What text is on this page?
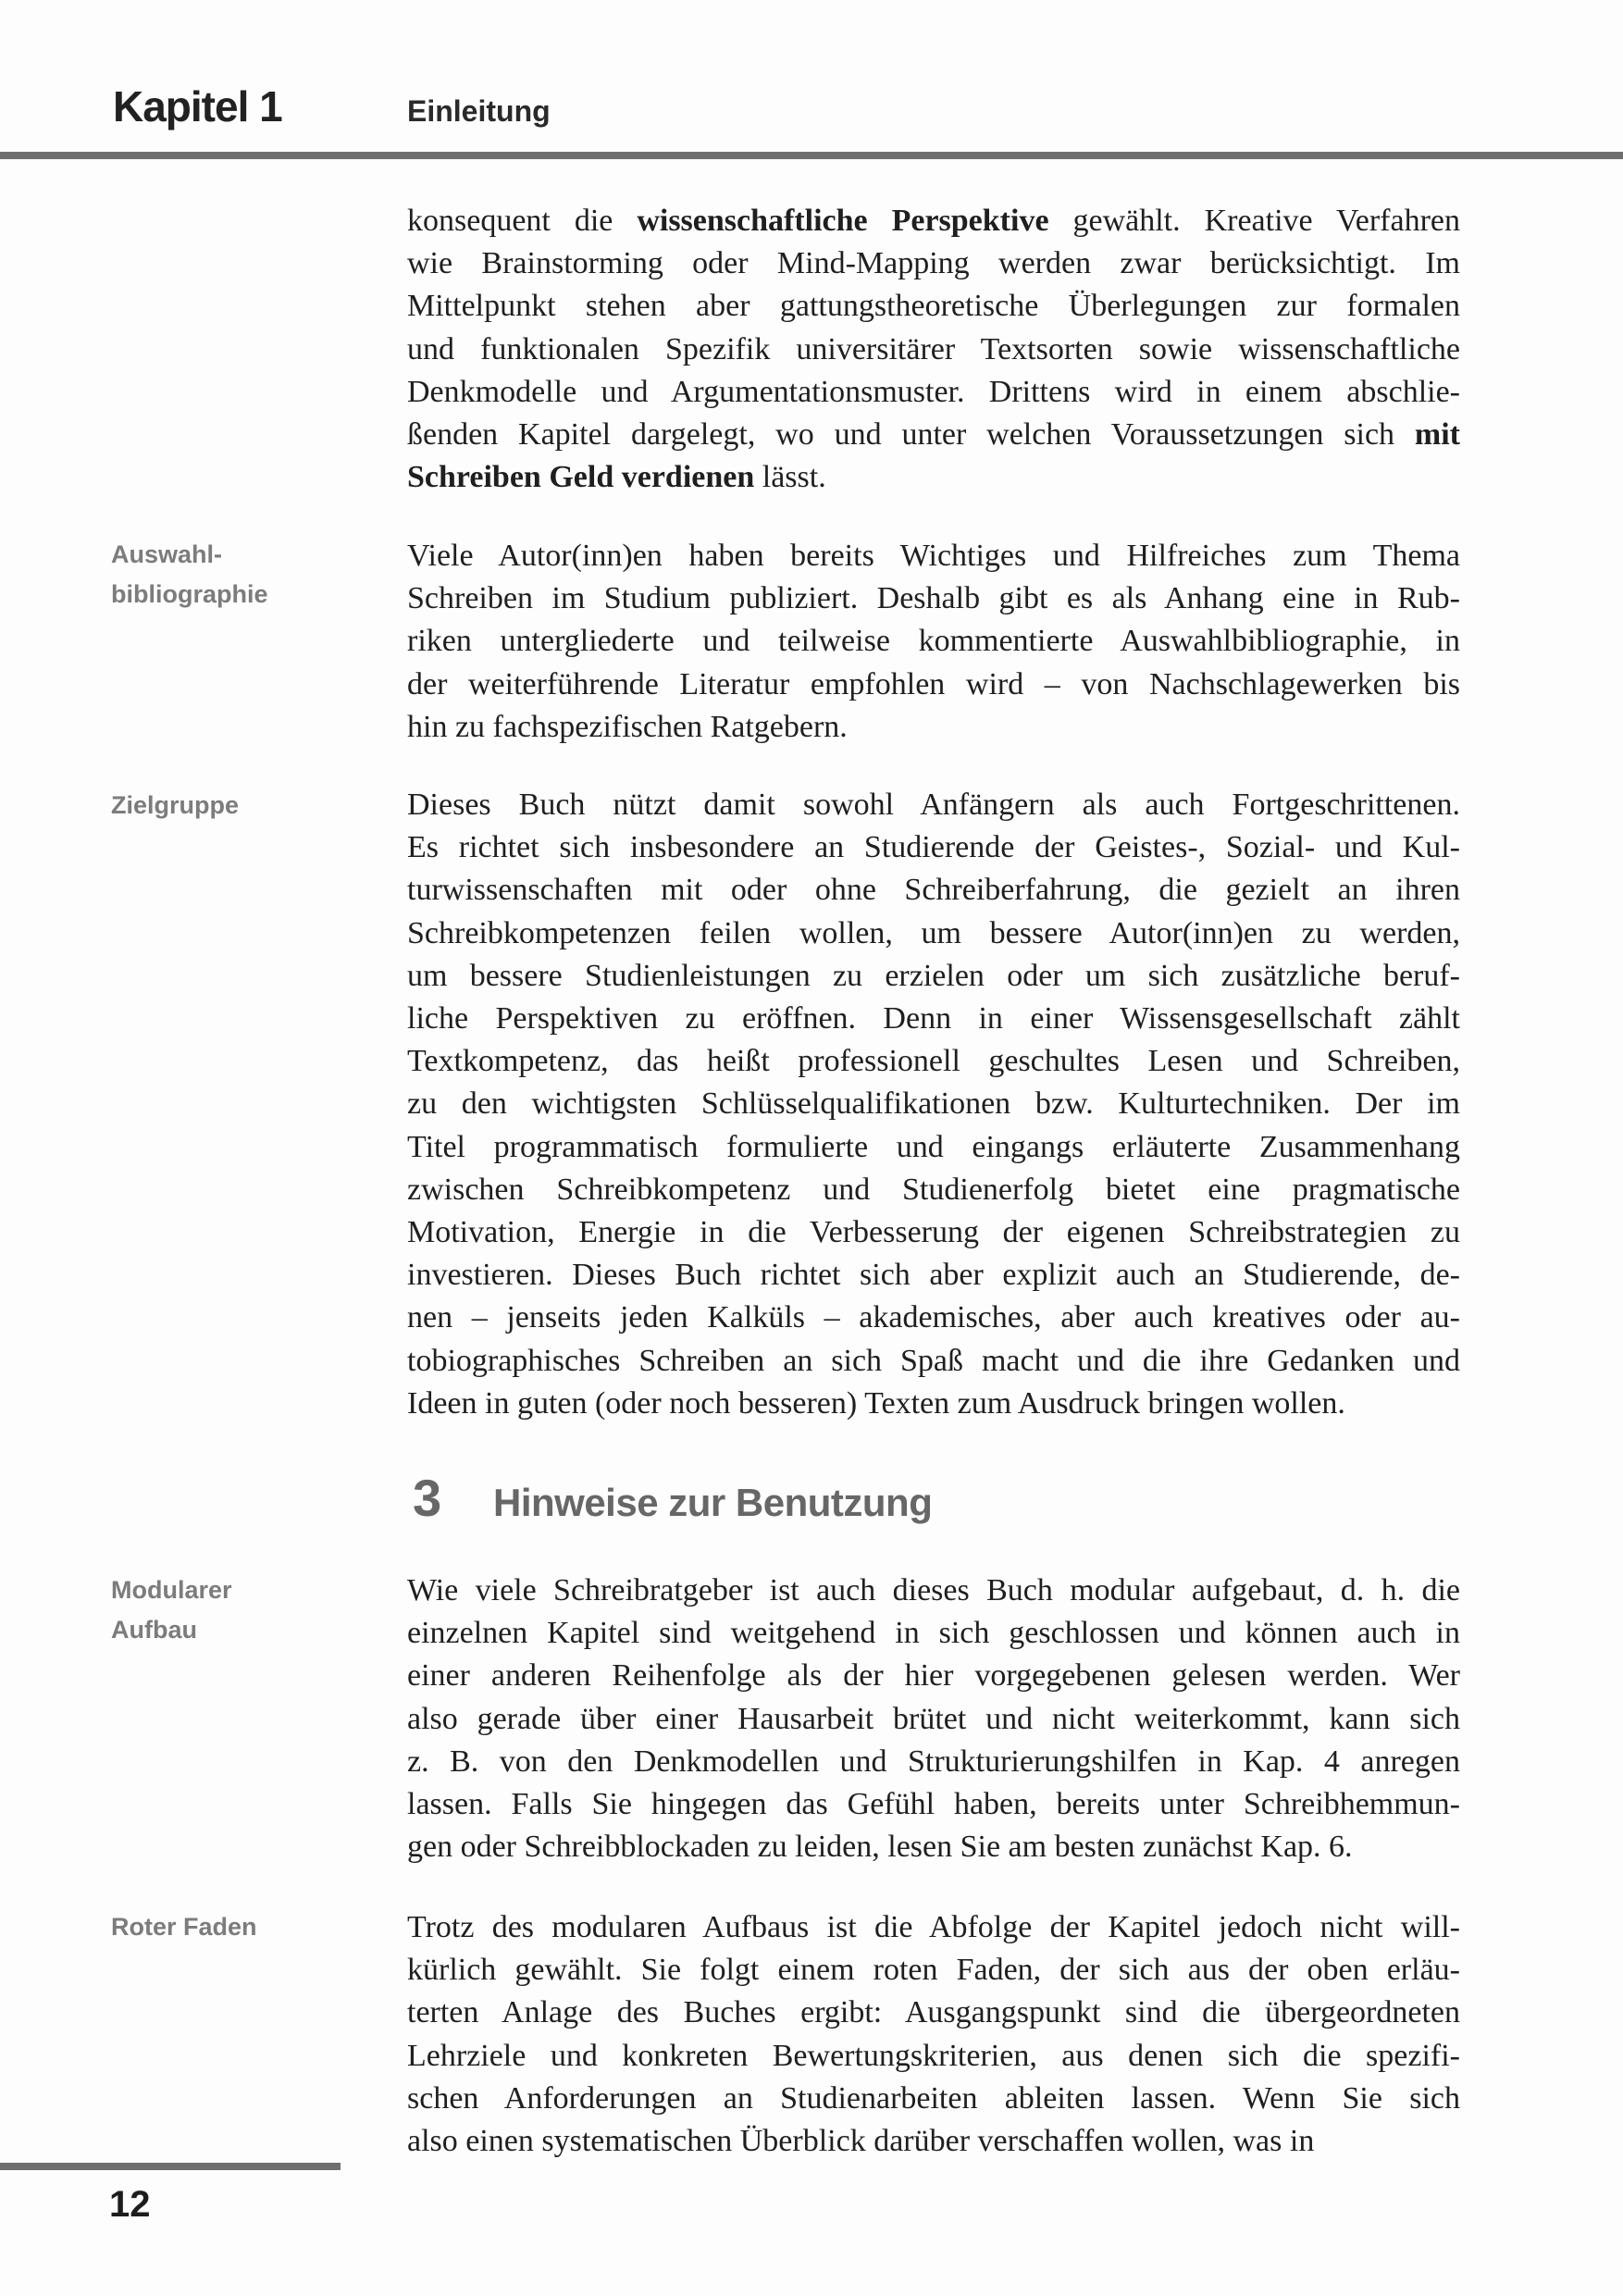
Kapitel 1	Einleitung
Auswahl-
bibliographie
Zielgruppe
Modularer
Aufbau
Roter Faden
konsequent die wissenschaftliche Perspektive gewählt. Kreative Verfahren
wie Brainstorming oder Mind-Mapping werden zwar berücksichtigt. Im
Mittelpunkt stehen aber gattungstheoretische Überlegungen zur formalen
und funktionalen Spezifik universitärer Textsorten sowie wissenschaftliche
Denkmodelle und Argumentationsmuster. Drittens wird in einem abschlie-
ßenden Kapitel dargelegt, wo und unter welchen Voraussetzungen sich mit
Schreiben Geld verdienen lässt.
Viele Autor(inn)en haben bereits Wichtiges und Hilfreiches zum Thema
Schreiben im Studium publiziert. Deshalb gibt es als Anhang eine in Rub-
riken untergliederte und teilweise kommentierte Auswahlbibliographie, in
der weiterführende Literatur empfohlen wird – von Nachschlagewerken bis
hin zu fachspezifischen Ratgebern.
Dieses Buch nützt damit sowohl Anfängern als auch Fortgeschrittenen.
Es richtet sich insbesondere an Studierende der Geistes-, Sozial- und Kul-
turwissenschaften mit oder ohne Schreiberfahrung, die gezielt an ihren
Schreibkompetenzen feilen wollen, um bessere Autor(inn)en zu werden,
um bessere Studienleistungen zu erzielen oder um sich zusätzliche beruf-
liche Perspektiven zu eröffnen. Denn in einer Wissensgesellschaft zählt
Textkompetenz, das heißt professionell geschultes Lesen und Schreiben,
zu den wichtigsten Schlüsselqualifikationen bzw. Kulturtechniken. Der im
Titel programmatisch formulierte und eingangs erläuterte Zusammenhang
zwischen Schreibkompetenz und Studienerfolg bietet eine pragmatische
Motivation, Energie in die Verbesserung der eigenen Schreibstrategien zu
investieren. Dieses Buch richtet sich aber explizit auch an Studierende, de-
nen – jenseits jeden Kalküls – akademisches, aber auch kreatives oder au-
tobiographisches Schreiben an sich Spaß macht und die ihre Gedanken und
Ideen in guten (oder noch besseren) Texten zum Ausdruck bringen wollen.
3	Hinweise zur Benutzung
Wie viele Schreibratgeber ist auch dieses Buch modular aufgebaut, d. h. die
einzelnen Kapitel sind weitgehend in sich geschlossen und können auch in
einer anderen Reihenfolge als der hier vorgegebenen gelesen werden. Wer
also gerade über einer Hausarbeit brütet und nicht weiterkommt, kann sich
z. B. von den Denkmodellen und Strukturierungshilfen in Kap. 4 anregen
lassen. Falls Sie hingegen das Gefühl haben, bereits unter Schreibhemmun-
gen oder Schreibblockaden zu leiden, lesen Sie am besten zunächst Kap. 6.
Trotz des modularen Aufbaus ist die Abfolge der Kapitel jedoch nicht will-
kürlich gewählt. Sie folgt einem roten Faden, der sich aus der oben erläu-
terten Anlage des Buches ergibt: Ausgangspunkt sind die übergeordneten
Lehrziele und konkreten Bewertungskriterien, aus denen sich die spezifi-
schen Anforderungen an Studienarbeiten ableiten lassen. Wenn Sie sich
also einen systematischen Überblick darüber verschaffen wollen, was in
12
